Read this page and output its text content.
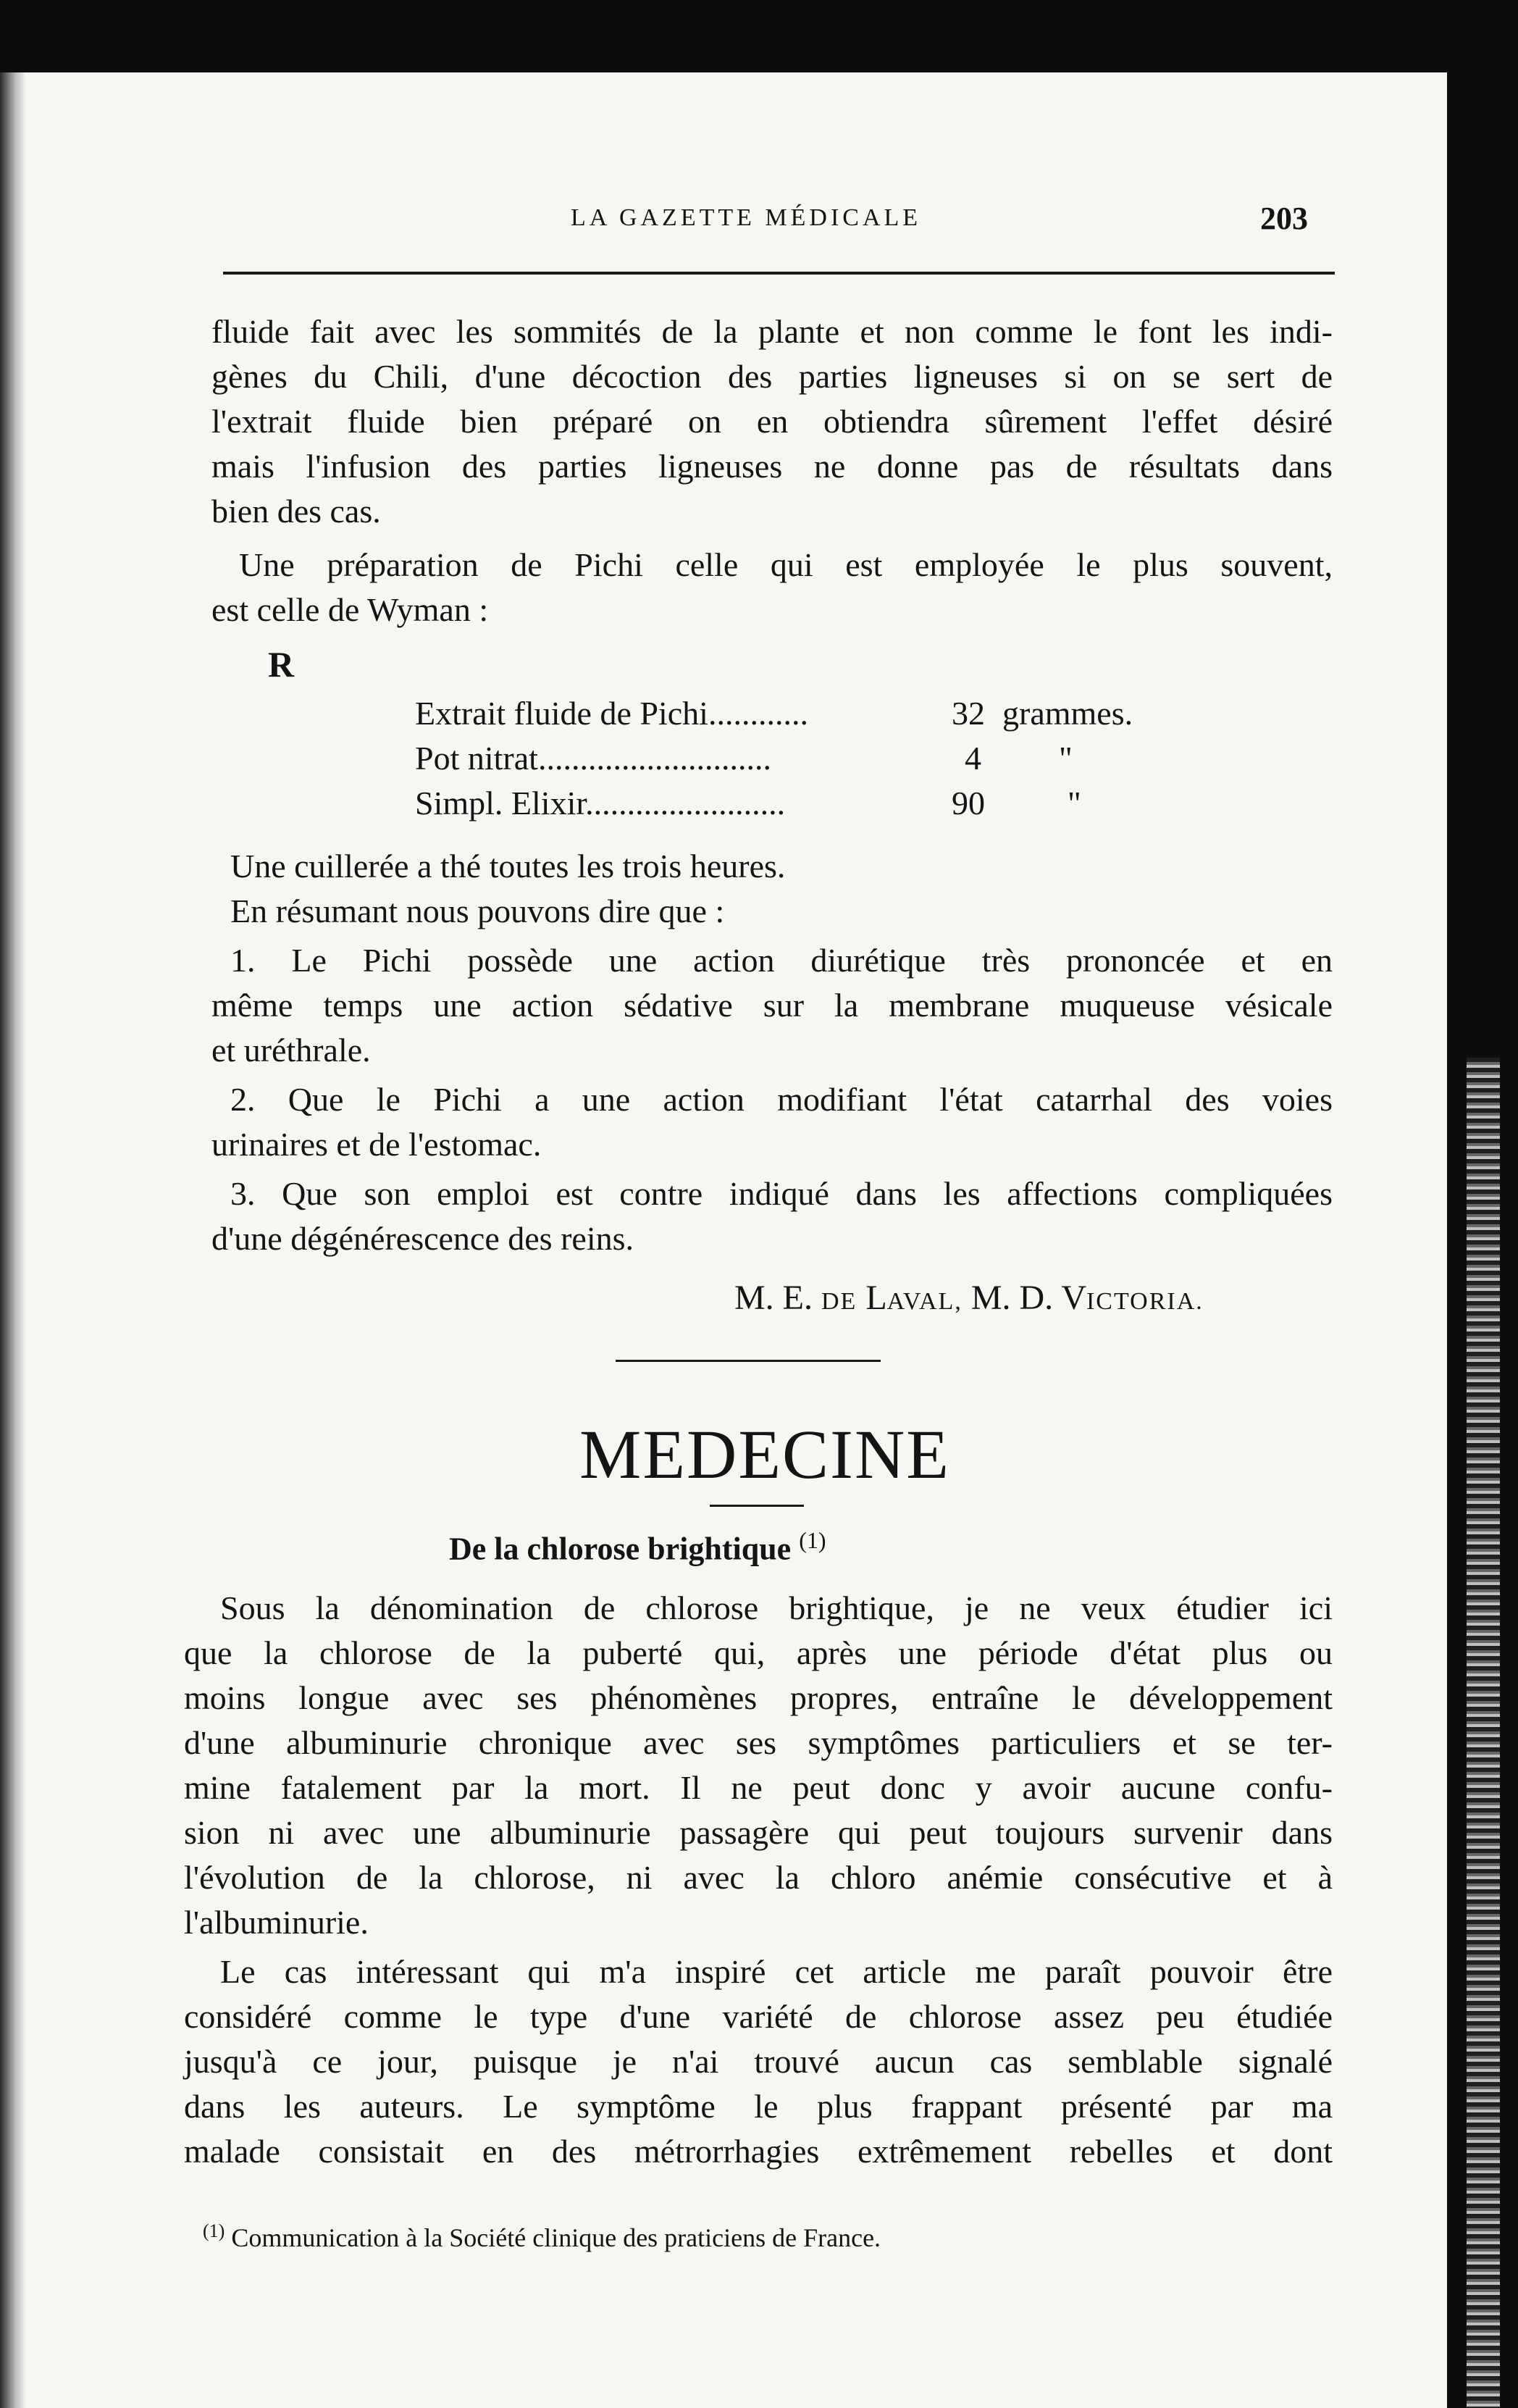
LA GAZETTE MÉDICALE	203
fluide fait avec les sommités de la plante et non comme le font les indi-
gènes du Chili, d'une décoction des parties ligneuses si on se sert de
l'extrait fluide bien préparé on en obtiendra sûrement l'effet désiré
mais l'infusion des parties ligneuses ne donne pas de résultats dans
bien des cas.
Une préparation de Pichi celle qui est employée le plus souvent,
est celle de Wyman :
R
Extrait fluide de Pichi............	32 grammes.
Pot nitrat............................	4 "
Simpl. Elixir........................	90 "
Une cuillerée a thé toutes les trois heures.
En résumant nous pouvons dire que :
1. Le Pichi possède une action diurétique très prononcée et en
même temps une action sédative sur la membrane muqueuse vésicale
et uréthrale.
2. Que le Pichi a une action modifiant l'état catarrhal des voies
urinaires et de l'estomac.
3. Que son emploi est contre indiqué dans les affections compliquées
d'une dégénérescence des reins.
M. E. DE LAVAL, M. D. VICTORIA.
MEDECINE
De la chlorose brightique $^{(1)}$
Sous la dénomination de chlorose brightique, je ne veux étudier ici
que la chlorose de la puberté qui, après une période d'état plus ou
moins longue avec ses phénomènes propres, entraîne le développement
d'une albuminurie chronique avec ses symptômes particuliers et se ter-
mine fatalement par la mort. Il ne peut donc y avoir aucune confu-
sion ni avec une albuminurie passagère qui peut toujours survenir dans
l'évolution de la chlorose, ni avec la chloro anémie consécutive et à
l'albuminurie.
Le cas intéressant qui m'a inspiré cet article me paraît pouvoir être
considéré comme le type d'une variété de chlorose assez peu étudiée
jusqu'à ce jour, puisque je n'ai trouvé aucun cas semblable signalé
dans les auteurs. Le symptôme le plus frappant présenté par ma
malade consistait en des métrorrhagies extrêmement rebelles et dont
$^{(1)}$ Communication à la Société clinique des praticiens de France.
